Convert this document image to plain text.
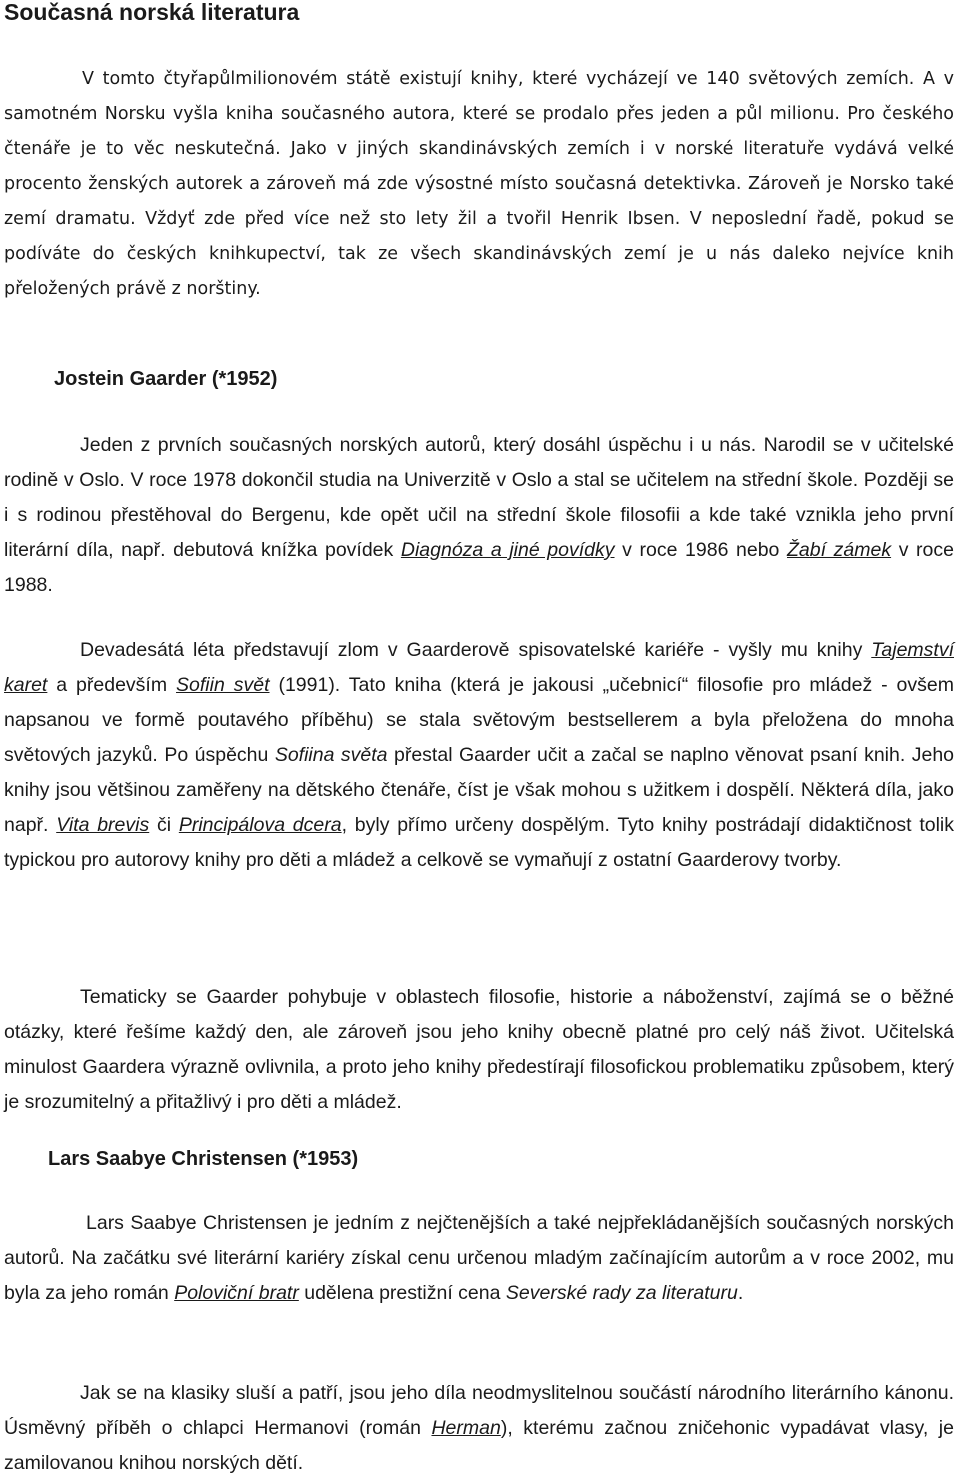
Současná norská literatura

V tomto čtyřapůlmilionovém státě existují knihy, které vycházejí ve 140 světových zemích. A v samotném Norsku vyšla kniha současného autora, které se prodalo přes jeden a půl milionu. Pro českého čtenáře je to věc neskutečná. Jako v jiných skandinávských zemích i v norské literatuře vydává velké procento ženských autorek a zároveň má zde výsostné místo současná detektivka. Zároveň je Norsko také zemí dramatu. Vždyť zde před více než sto lety žil a tvořil Henrik Ibsen. V neposlední řadě, pokud se podíváte do českých knihkupectví, tak ze všech skandinávských zemí je u nás daleko nejvíce knih přeložených právě z norštiny.

Jostein Gaarder (*1952)

Jeden z prvních současných norských autorů, který dosáhl úspěchu i u nás. Narodil se v učitelské rodině v Oslo. V roce 1978 dokončil studia na Univerzitě v Oslo a stal se učitelem na střední škole. Později se i s rodinou přestěhoval do Bergenu, kde opět učil na střední škole filosofii a kde také vznikla jeho první literární díla, např. debutová knížka povídek Diagnóza a jiné povídky v roce 1986 nebo Žabí zámek v roce 1988.

Devadesátá léta představují zlom v Gaarderově spisovatelské kariéře - vyšly mu knihy Tajemství karet a především Sofiin svět (1991). Tato kniha (která je jakousi „učebnicí“ filosofie pro mládež - ovšem napsanou ve formě poutavého příběhu) se stala světovým bestsellerem a byla přeložena do mnoha světových jazyků. Po úspěchu Sofiina světa přestal Gaarder učit a začal se naplno věnovat psaní knih. Jeho knihy jsou většinou zaměřeny na dětského čtenáře, číst je však mohou s užitkem i dospělí. Některá díla, jako např. Vita brevis či Principálova dcera, byly přímo určeny dospělým. Tyto knihy postrádají didaktičnost tolik typickou pro autorovy knihy pro děti a mládež a celkově se vymaňují z ostatní Gaarderovy tvorby.

Tematicky se Gaarder pohybuje v oblastech filosofie, historie a náboženství, zajímá se o běžné otázky, které řešíme každý den, ale zároveň jsou jeho knihy obecně platné pro celý náš život. Učitelská minulost Gaardera výrazně ovlivnila, a proto jeho knihy předestírají filosofickou problematiku způsobem, který je srozumitelný a přitažlivý i pro děti a mládež.

Lars Saabye Christensen (*1953)

Lars Saabye Christensen je jedním z nejčtenějších a také nejpřekládanějších současných norských autorů. Na začátku své literární kariéry získal cenu určenou mladým začínajícím autorům a v roce 2002, mu byla za jeho román Poloviční bratr udělena prestižní cena Severské rady za literaturu.

Jak se na klasiky sluší a patří, jsou jeho díla neodmyslitelnou součástí národního literárního kánonu. Úsměvný příběh o chlapci Hermanovi (román Herman), kterému začnou zničehonic vypadávat vlasy, je zamilovanou knihou norských dětí.
